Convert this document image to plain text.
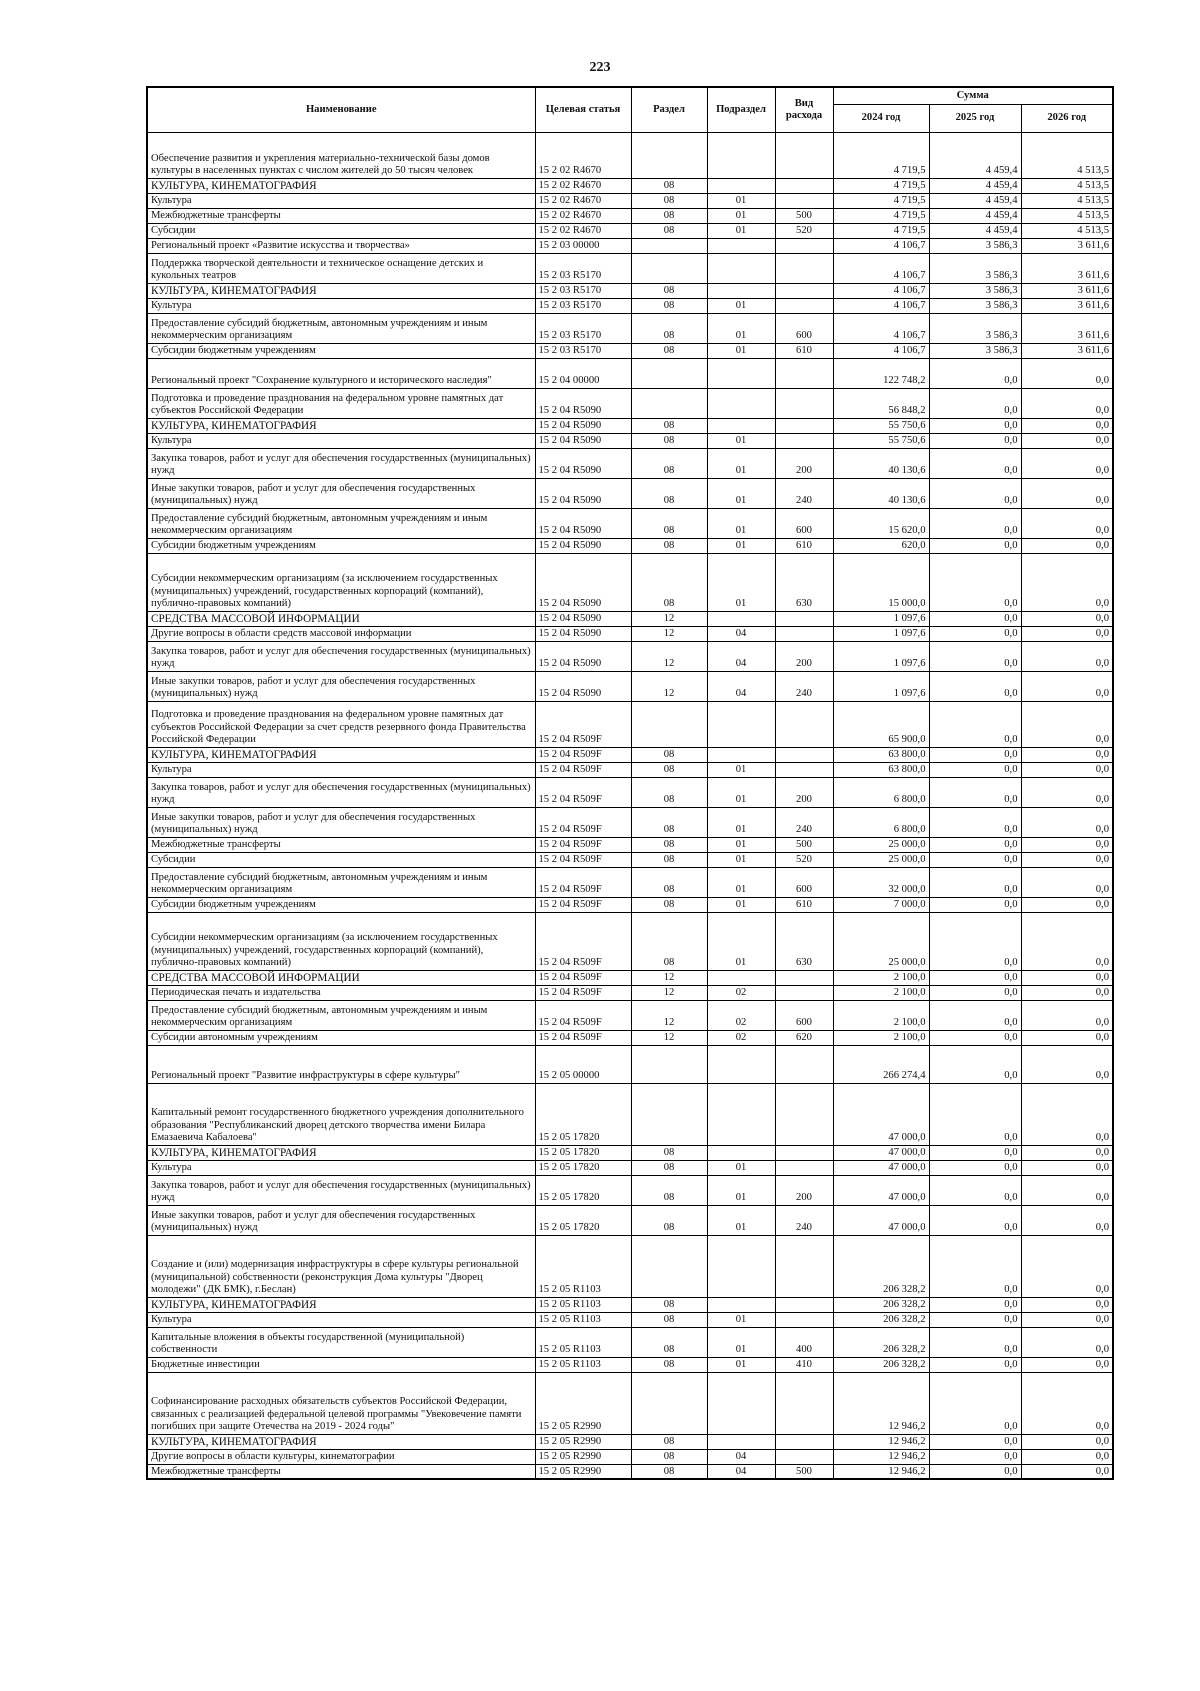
223
Наименование	Целевая статья	Раздел	Подраздел	Вид расхода	Сумма		
					2024 год	2025 год	2026 год
Обеспечение развития и укрепления материально-технической базы домов культуры в населенных пунктах с числом жителей до 50 тысяч человек	15 2 02 R4670				4 719,5	4 459,4	4 513,5
КУЛЬТУРА, КИНЕМАТОГРАФИЯ	15 2 02 R4670	08			4 719,5	4 459,4	4 513,5
Культура	15 2 02 R4670	08	01		4 719,5	4 459,4	4 513,5
Межбюджетные трансферты	15 2 02 R4670	08	01	500	4 719,5	4 459,4	4 513,5
Субсидии	15 2 02 R4670	08	01	520	4 719,5	4 459,4	4 513,5
Региональный проект «Развитие искусства и творчества»	15 2 03 00000				4 106,7	3 586,3	3 611,6
Поддержка творческой деятельности и техническое оснащение детских и кукольных театров	15 2 03 R5170				4 106,7	3 586,3	3 611,6
КУЛЬТУРА, КИНЕМАТОГРАФИЯ	15 2 03 R5170	08			4 106,7	3 586,3	3 611,6
Культура	15 2 03 R5170	08	01		4 106,7	3 586,3	3 611,6
Предоставление субсидий бюджетным, автономным учреждениям и иным некоммерческим организациям	15 2 03 R5170	08	01	600	4 106,7	3 586,3	3 611,6
Субсидии бюджетным учреждениям	15 2 03 R5170	08	01	610	4 106,7	3 586,3	3 611,6
Региональный проект "Сохранение культурного и исторического наследия"	15 2 04 00000				122 748,2	0,0	0,0
Подготовка и проведение празднования на федеральном уровне памятных дат субъектов Российской Федерации	15 2 04 R5090				56 848,2	0,0	0,0
КУЛЬТУРА, КИНЕМАТОГРАФИЯ	15 2 04 R5090	08			55 750,6	0,0	0,0
Культура	15 2 04 R5090	08	01		55 750,6	0,0	0,0
Закупка товаров, работ и услуг для обеспечения государственных (муниципальных) нужд	15 2 04 R5090	08	01	200	40 130,6	0,0	0,0
Иные закупки товаров, работ и услуг для обеспечения государственных (муниципальных) нужд	15 2 04 R5090	08	01	240	40 130,6	0,0	0,0
Предоставление субсидий бюджетным, автономным учреждениям и иным некоммерческим организациям	15 2 04 R5090	08	01	600	15 620,0	0,0	0,0
Субсидии бюджетным учреждениям	15 2 04 R5090	08	01	610	620,0	0,0	0,0
Субсидии некоммерческим организациям (за исключением государственных (муниципальных) учреждений, государственных корпораций (компаний), публично-правовых компаний)	15 2 04 R5090	08	01	630	15 000,0	0,0	0,0
СРЕДСТВА МАССОВОЙ ИНФОРМАЦИИ	15 2 04 R5090	12			1 097,6	0,0	0,0
Другие вопросы в области средств массовой информации	15 2 04 R5090	12	04		1 097,6	0,0	0,0
Закупка товаров, работ и услуг для обеспечения государственных (муниципальных) нужд	15 2 04 R5090	12	04	200	1 097,6	0,0	0,0
Иные закупки товаров, работ и услуг для обеспечения государственных (муниципальных) нужд	15 2 04 R5090	12	04	240	1 097,6	0,0	0,0
Подготовка и проведение празднования на федеральном уровне памятных дат субъектов Российской Федерации за счет средств резервного фонда Правительства Российской Федерации	15 2 04 R509F				65 900,0	0,0	0,0
КУЛЬТУРА, КИНЕМАТОГРАФИЯ	15 2 04 R509F	08			63 800,0	0,0	0,0
Культура	15 2 04 R509F	08	01		63 800,0	0,0	0,0
Закупка товаров, работ и услуг для обеспечения государственных (муниципальных) нужд	15 2 04 R509F	08	01	200	6 800,0	0,0	0,0
Иные закупки товаров, работ и услуг для обеспечения государственных (муниципальных) нужд	15 2 04 R509F	08	01	240	6 800,0	0,0	0,0
Межбюджетные трансферты	15 2 04 R509F	08	01	500	25 000,0	0,0	0,0
Субсидии	15 2 04 R509F	08	01	520	25 000,0	0,0	0,0
Предоставление субсидий бюджетным, автономным учреждениям и иным некоммерческим организациям	15 2 04 R509F	08	01	600	32 000,0	0,0	0,0
Субсидии бюджетным учреждениям	15 2 04 R509F	08	01	610	7 000,0	0,0	0,0
Субсидии некоммерческим организациям (за исключением государственных (муниципальных) учреждений, государственных корпораций (компаний), публично-правовых компаний)	15 2 04 R509F	08	01	630	25 000,0	0,0	0,0
СРЕДСТВА МАССОВОЙ ИНФОРМАЦИИ	15 2 04 R509F	12			2 100,0	0,0	0,0
Периодическая печать и издательства	15 2 04 R509F	12	02		2 100,0	0,0	0,0
Предоставление субсидий бюджетным, автономным учреждениям и иным некоммерческим организациям	15 2 04 R509F	12	02	600	2 100,0	0,0	0,0
Субсидии автономным учреждениям	15 2 04 R509F	12	02	620	2 100,0	0,0	0,0
Региональный проект "Развитие инфраструктуры в сфере культуры"	15 2 05 00000				266 274,4	0,0	0,0
Капитальный ремонт государственного бюджетного учреждения дополнительного образования "Республиканский дворец детского творчества имени Билара Емазаевича Кабалоева"	15 2 05 17820				47 000,0	0,0	0,0
КУЛЬТУРА, КИНЕМАТОГРАФИЯ	15 2 05 17820	08			47 000,0	0,0	0,0
Культура	15 2 05 17820	08	01		47 000,0	0,0	0,0
Закупка товаров, работ и услуг для обеспечения государственных (муниципальных) нужд	15 2 05 17820	08	01	200	47 000,0	0,0	0,0
Иные закупки товаров, работ и услуг для обеспечения государственных (муниципальных) нужд	15 2 05 17820	08	01	240	47 000,0	0,0	0,0
Создание и (или) модернизация инфраструктуры в сфере культуры региональной (муниципальной) собственности (реконструкция Дома культуры "Дворец молодежи" (ДК БМК), г.Беслан)	15 2 05 R1103				206 328,2	0,0	0,0
КУЛЬТУРА, КИНЕМАТОГРАФИЯ	15 2 05 R1103	08			206 328,2	0,0	0,0
Культура	15 2 05 R1103	08	01		206 328,2	0,0	0,0
Капитальные вложения в объекты государственной (муниципальной) собственности	15 2 05 R1103	08	01	400	206 328,2	0,0	0,0
Бюджетные инвестиции	15 2 05 R1103	08	01	410	206 328,2	0,0	0,0
Софинансирование расходных обязательств субъектов Российской Федерации, связанных с реализацией федеральной целевой программы "Увековечение памяти погибших при защите Отечества на 2019 - 2024 годы"	15 2 05 R2990				12 946,2	0,0	0,0
КУЛЬТУРА, КИНЕМАТОГРАФИЯ	15 2 05 R2990	08			12 946,2	0,0	0,0
Другие вопросы в области культуры, кинематографии	15 2 05 R2990	08	04		12 946,2	0,0	0,0
Межбюджетные трансферты	15 2 05 R2990	08	04	500	12 946,2	0,0	0,0
